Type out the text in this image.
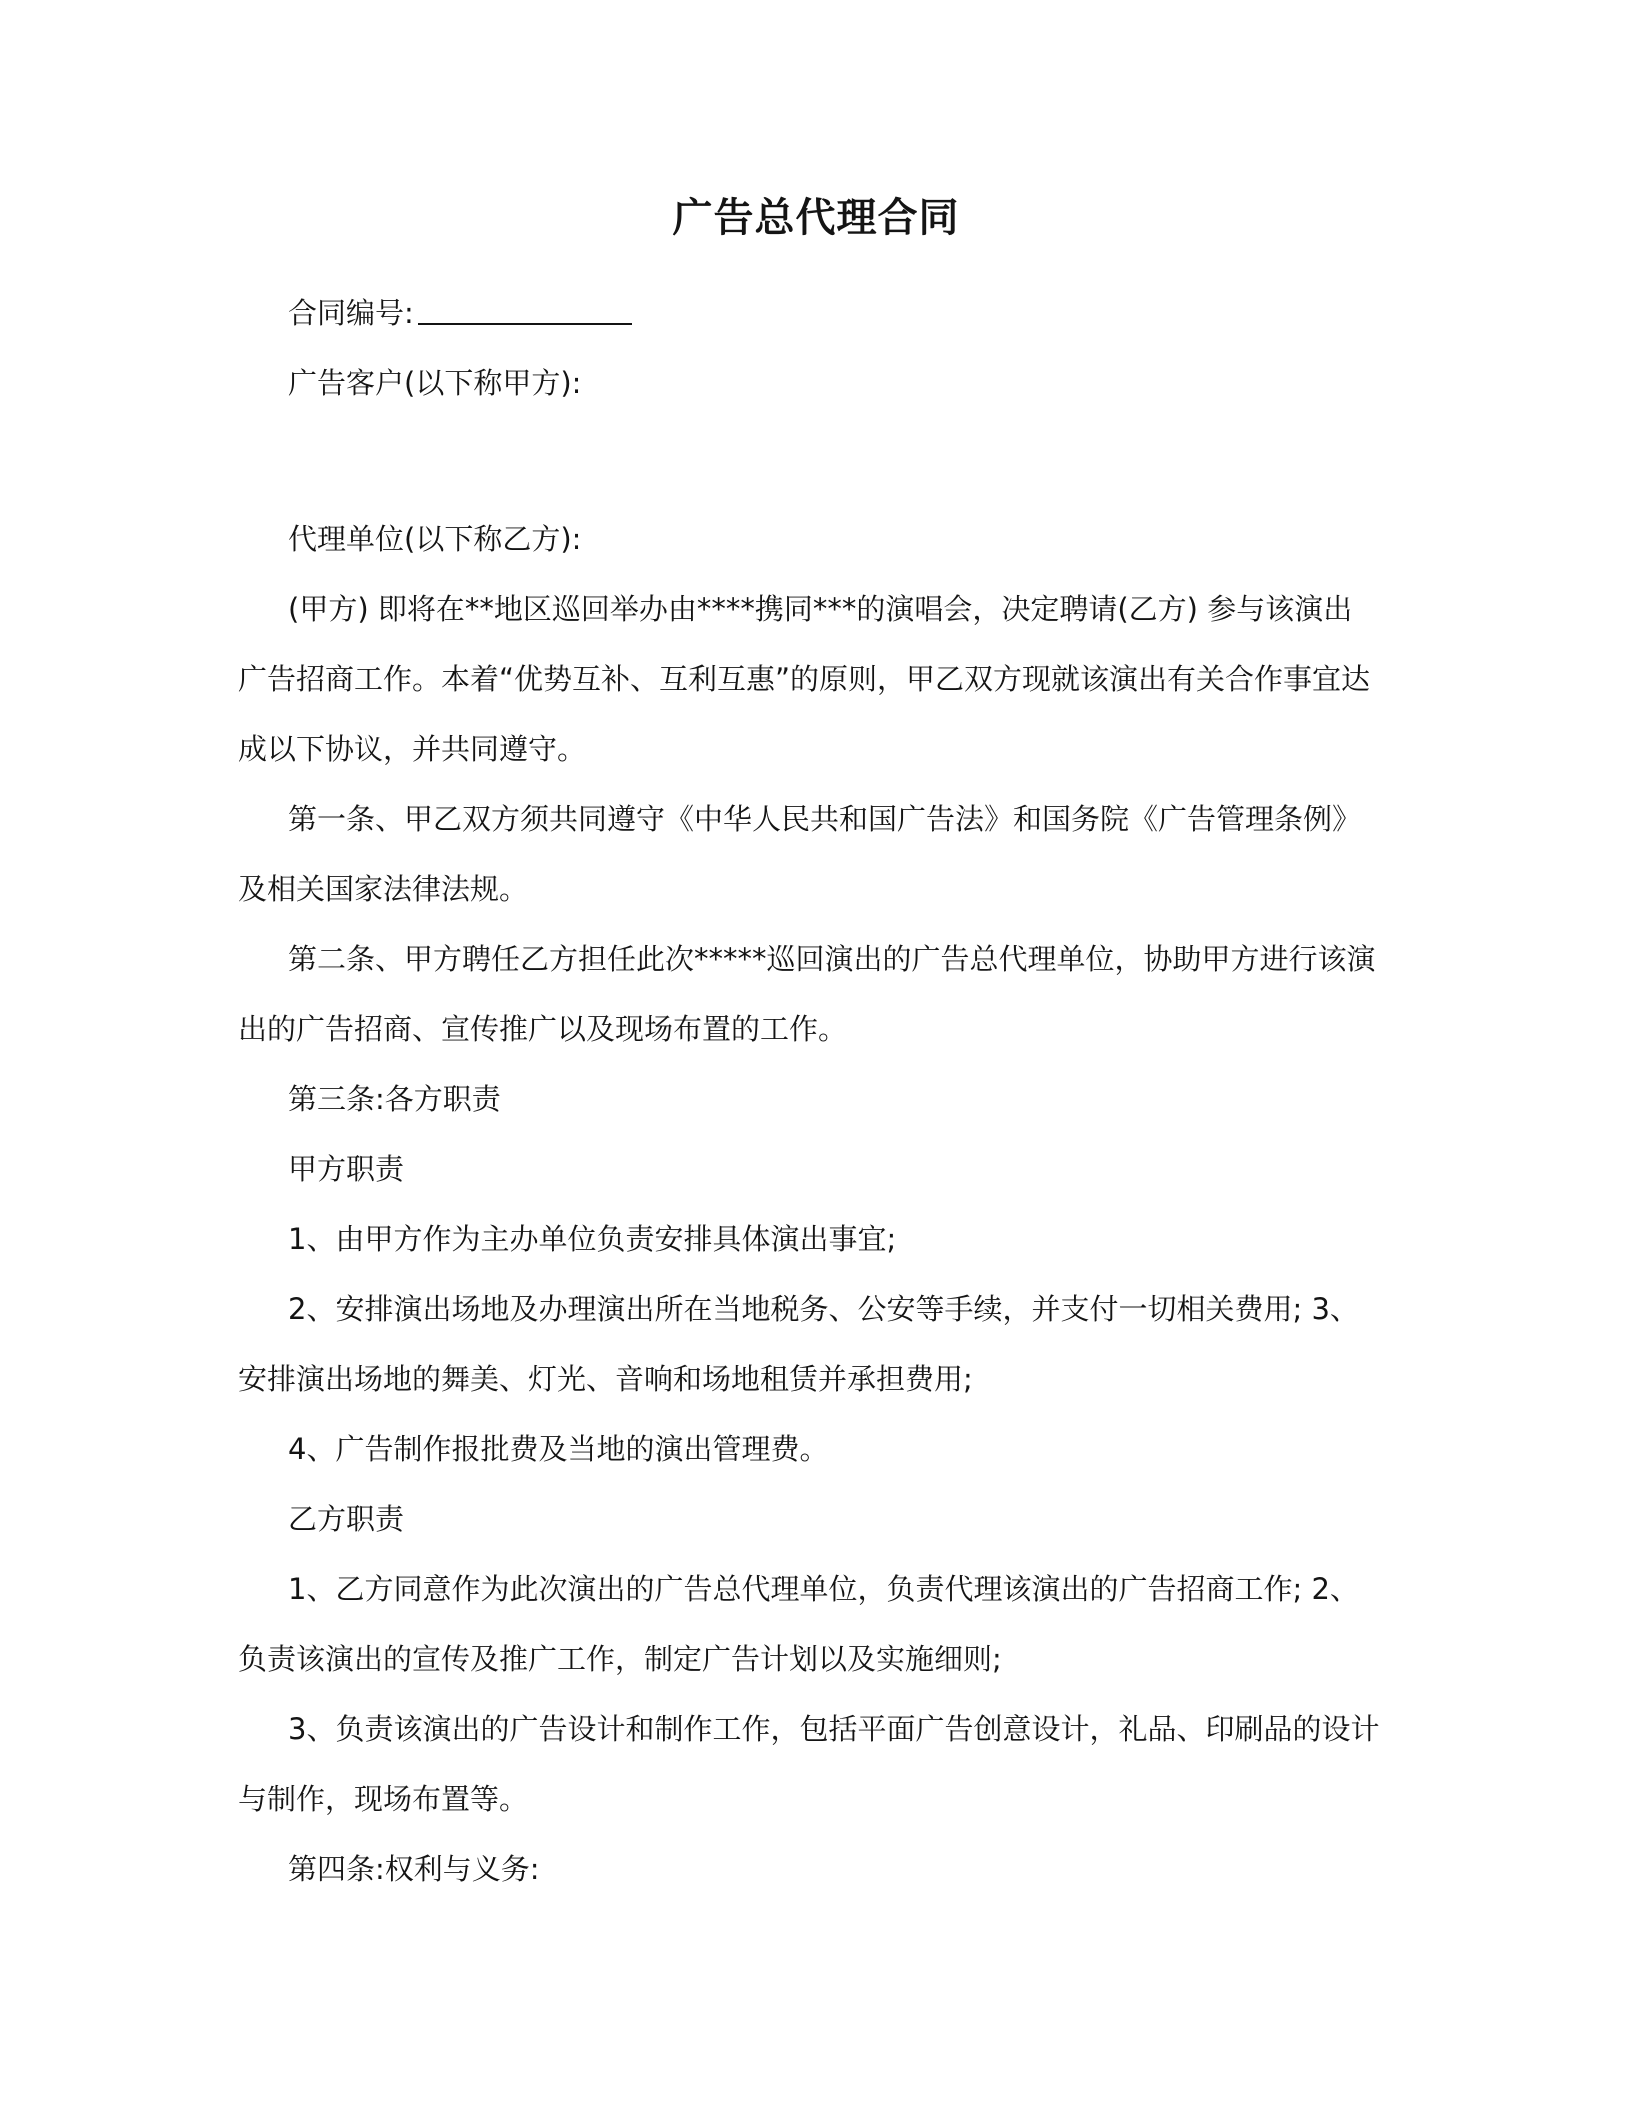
广告总代理合同

合同编号:

广告客户(以下称甲方):

代理单位(以下称乙方):

(甲方) 即将在**地区巡回举办由****携同***的演唱会，决定聘请(乙方) 参与该演出广告招商工作。本着“优势互补、互利互惠”的原则，甲乙双方现就该演出有关合作事宜达成以下协议，并共同遵守。

第一条、甲乙双方须共同遵守《中华人民共和国广告法》和国务院《广告管理条例》及相关国家法律法规。

第二条、甲方聘任乙方担任此次*****巡回演出的广告总代理单位，协助甲方进行该演出的广告招商、宣传推广以及现场布置的工作。

第三条:各方职责

甲方职责

1、由甲方作为主办单位负责安排具体演出事宜;

2、安排演出场地及办理演出所在当地税务、公安等手续，并支付一切相关费用; 3、安排演出场地的舞美、灯光、音响和场地租赁并承担费用;

4、广告制作报批费及当地的演出管理费。

乙方职责

1、乙方同意作为此次演出的广告总代理单位，负责代理该演出的广告招商工作; 2、负责该演出的宣传及推广工作，制定广告计划以及实施细则;

3、负责该演出的广告设计和制作工作，包括平面广告创意设计，礼品、印刷品的设计与制作，现场布置等。

第四条:权利与义务:
